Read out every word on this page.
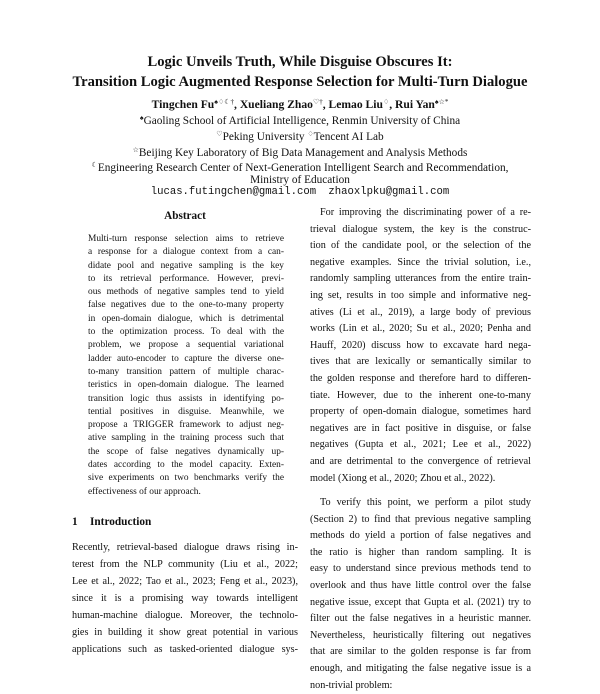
Logic Unveils Truth, While Disguise Obscures It:
Transition Logic Augmented Response Selection for Multi-Turn Dialogue
Tingchen Fu♠♢☾†, Xueliang Zhao♡†, Lemao Liu♢, Rui Yan♠☆*
♠Gaoling School of Artificial Intelligence, Renmin University of China
♡Peking University ♢Tencent AI Lab
☆Beijing Key Laboratory of Big Data Management and Analysis Methods
☾Engineering Research Center of Next-Generation Intelligent Search and Recommendation,
Ministry of Education
lucas.futingchen@gmail.com zhaoxlpku@gmail.com
Abstract
Multi-turn response selection aims to retrieve
a response for a dialogue context from a can-
didate pool and negative sampling is the key
to its retrieval performance. However, previ-
ous methods of negative samples tend to yield
false negatives due to the one-to-many property
in open-domain dialogue, which is detrimental
to the optimization process. To deal with the
problem, we propose a sequential variational
ladder auto-encoder to capture the diverse one-
to-many transition pattern of multiple charac-
teristics in open-domain dialogue. The learned
transition logic thus assists in identifying po-
tential positives in disguise. Meanwhile, we
propose a TRIGGER framework to adjust neg-
ative sampling in the training process such that
the scope of false negatives dynamically up-
dates according to the model capacity. Exten-
sive experiments on two benchmarks verify the
effectiveness of our approach.
1 Introduction
Recently, retrieval-based dialogue draws rising in-
terest from the NLP community (Liu et al., 2022;
Lee et al., 2022; Tao et al., 2023; Feng et al., 2023),
since it is a promising way towards intelligent
human-machine dialogue. Moreover, the technolo-
gies in building it show great potential in various
applications such as tasked-oriented dialogue sys-
For improving the discriminating power of a re-
trieval dialogue system, the key is the construc-
tion of the candidate pool, or the selection of the
negative examples. Since the trivial solution, i.e.,
randomly sampling utterances from the entire train-
ing set, results in too simple and informative neg-
atives (Li et al., 2019), a large body of previous
works (Lin et al., 2020; Su et al., 2020; Penha and
Hauff, 2020) discuss how to excavate hard nega-
tives that are lexically or semantically similar to
the golden response and therefore hard to differen-
tiate. However, due to the inherent one-to-many
property of open-domain dialogue, sometimes hard
negatives are in fact positive in disguise, or false
negatives (Gupta et al., 2021; Lee et al., 2022)
and are detrimental to the convergence of retrieval
model (Xiong et al., 2020; Zhou et al., 2022).
To verify this point, we perform a pilot study
(Section 2) to find that previous negative sampling
methods do yield a portion of false negatives and
the ratio is higher than random sampling. It is
easy to understand since previous methods tend to
overlook and thus have little control over the false
negative issue, except that Gupta et al. (2021) try to
filter out the false negatives in a heuristic manner.
Nevertheless, heuristically filtering out negatives
that are similar to the golden response is far from
enough, and mitigating the false negative issue is a
non-trivial problem:
